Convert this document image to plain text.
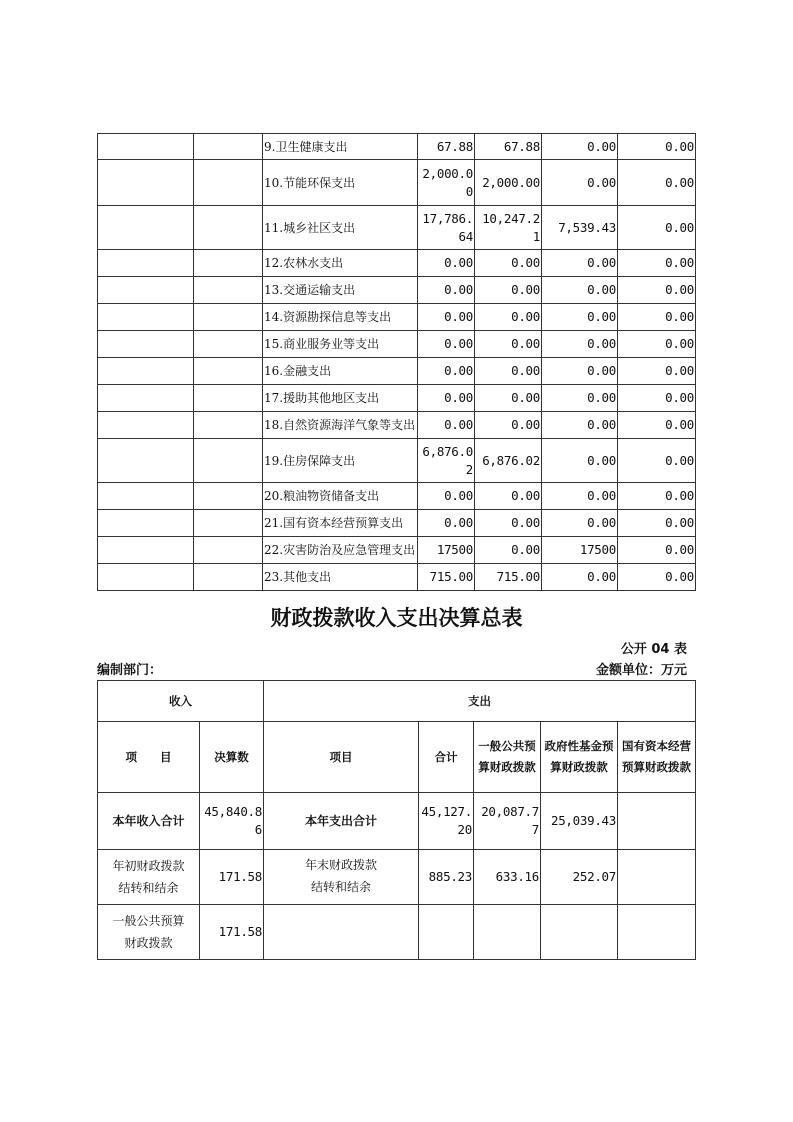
		9.卫生健康支出	67.88	67.88	0.00	0.00
		10.节能环保支出	2,000.00	2,000.00	0.00	0.00
		11.城乡社区支出	17,786.64	10,247.21	7,539.43	0.00
		12.农林水支出	0.00	0.00	0.00	0.00
		13.交通运输支出	0.00	0.00	0.00	0.00
		14.资源勘探信息等支出	0.00	0.00	0.00	0.00
		15.商业服务业等支出	0.00	0.00	0.00	0.00
		16.金融支出	0.00	0.00	0.00	0.00
		17.援助其他地区支出	0.00	0.00	0.00	0.00
		18.自然资源海洋气象等支出	0.00	0.00	0.00	0.00
		19.住房保障支出	6,876.02	6,876.02	0.00	0.00
		20.粮油物资储备支出	0.00	0.00	0.00	0.00
		21.国有资本经营预算支出	0.00	0.00	0.00	0.00
		22.灾害防治及应急管理支出	17500	0.00	17500	0.00
		23.其他支出	715.00	715.00	0.00	0.00
财政拨款收入支出决算总表
公开 04 表
编制部门：	金额单位：万元
收入		支出				
项　　目	决算数	项目	合计	一般公共预算财政拨款	政府性基金预算财政拨款	国有资本经营预算财政拨款
本年收入合计	45,840.86	本年支出合计	45,127.20	20,087.77	25,039.43	
年初财政拨款结转和结余	171.58	年末财政拨款结转和结余	885.23	633.16	252.07	
一般公共预算财政拨款	171.58					
